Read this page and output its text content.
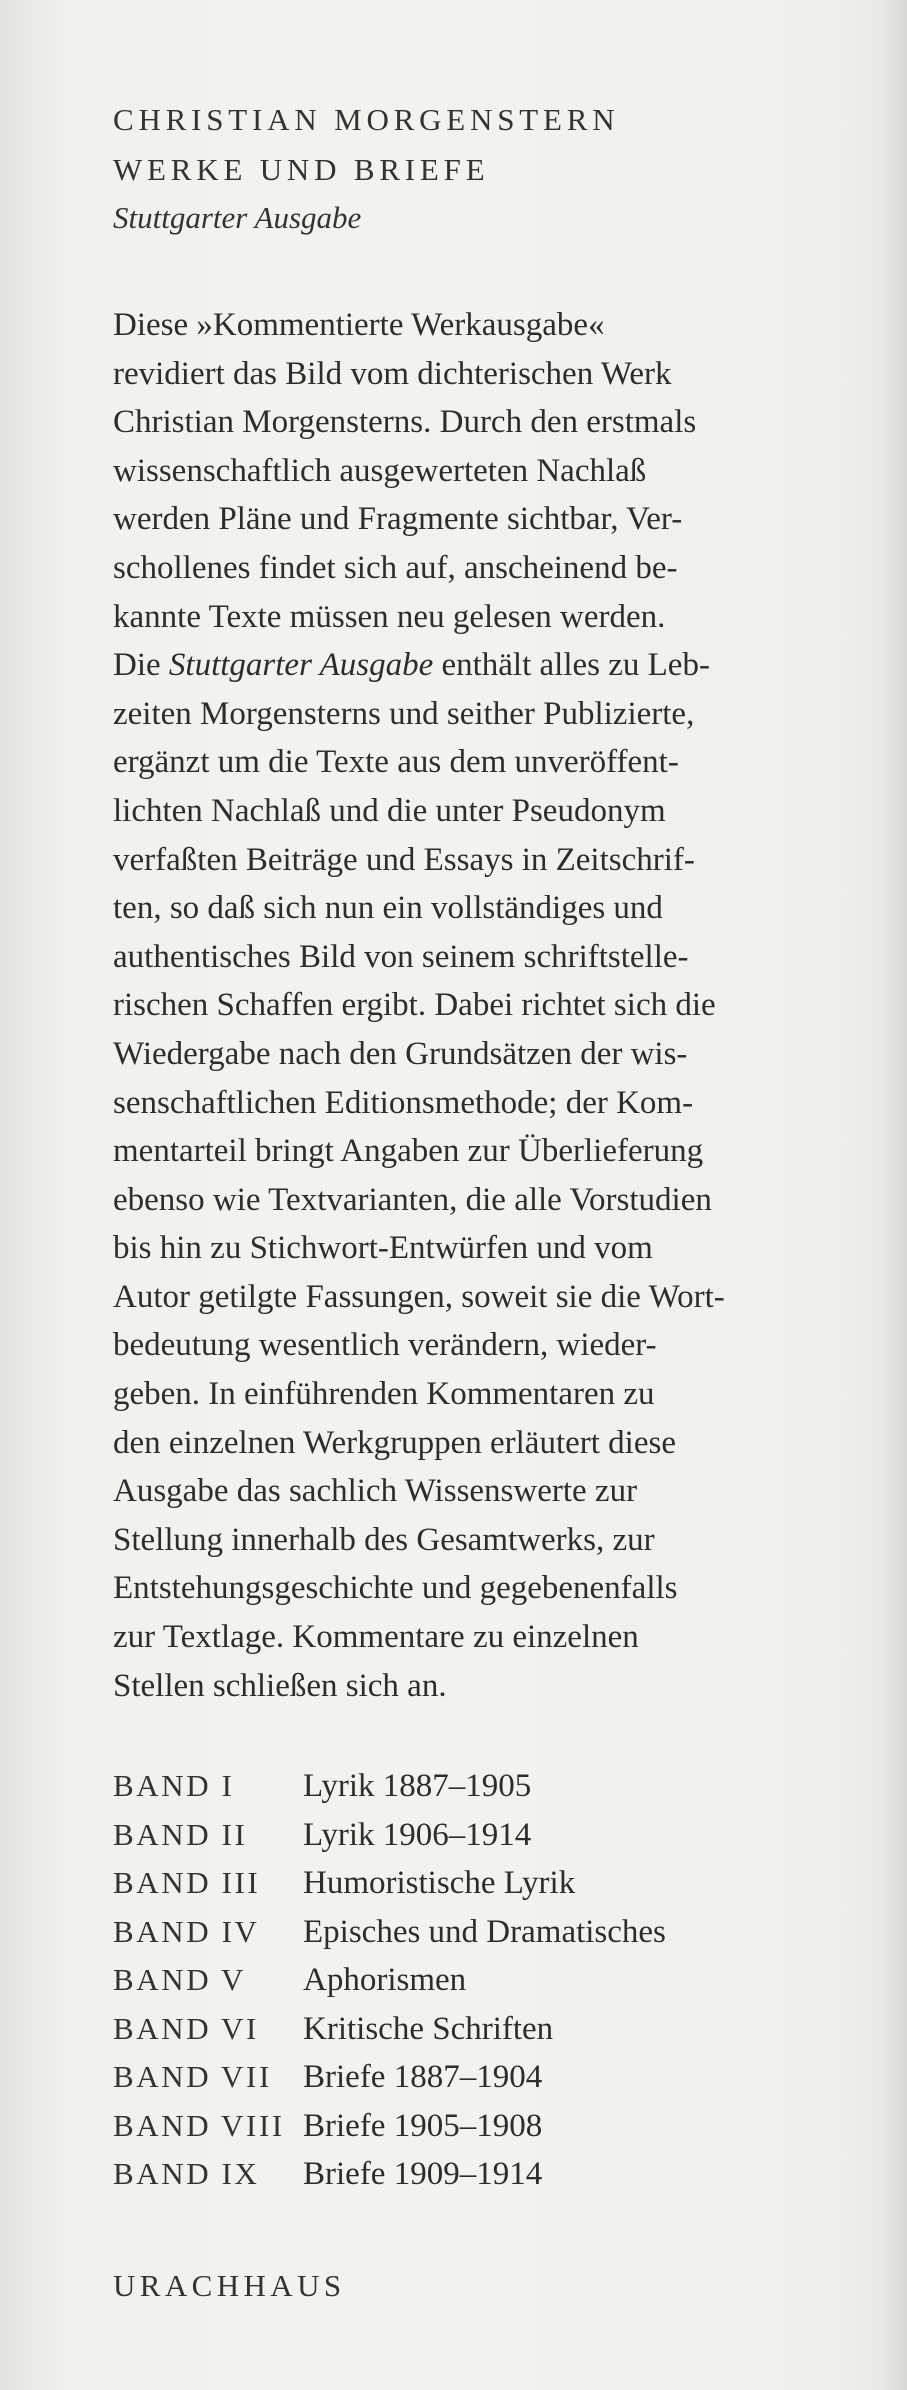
CHRISTIAN MORGENSTERN
WERKE UND BRIEFE
Stuttgarter Ausgabe
Diese »Kommentierte Werkausgabe«
revidiert das Bild vom dichterischen Werk
Christian Morgensterns. Durch den erstmals
wissenschaftlich ausgewerteten Nachlaß
werden Pläne und Fragmente sichtbar, Ver-
schollenes findet sich auf, anscheinend be-
kannte Texte müssen neu gelesen werden.
Die Stuttgarter Ausgabe enthält alles zu Leb-
zeiten Morgensterns und seither Publizierte,
ergänzt um die Texte aus dem unveröffent-
lichten Nachlaß und die unter Pseudonym
verfaßten Beiträge und Essays in Zeitschrif-
ten, so daß sich nun ein vollständiges und
authentisches Bild von seinem schriftstelle-
rischen Schaffen ergibt. Dabei richtet sich die
Wiedergabe nach den Grundsätzen der wis-
senschaftlichen Editionsmethode; der Kom-
mentarteil bringt Angaben zur Überlieferung
ebenso wie Textvarianten, die alle Vorstudien
bis hin zu Stichwort-Entwürfen und vom
Autor getilgte Fassungen, soweit sie die Wort-
bedeutung wesentlich verändern, wieder-
geben. In einführenden Kommentaren zu
den einzelnen Werkgruppen erläutert diese
Ausgabe das sachlich Wissenswerte zur
Stellung innerhalb des Gesamtwerks, zur
Entstehungsgeschichte und gegebenenfalls
zur Textlage. Kommentare zu einzelnen
Stellen schließen sich an.
BAND I	Lyrik 1887–1905
BAND II	Lyrik 1906–1914
BAND III	Humoristische Lyrik
BAND IV	Episches und Dramatisches
BAND V	Aphorismen
BAND VI	Kritische Schriften
BAND VII Briefe 1887–1904
BAND VIII Briefe 1905–1908
BAND IX	Briefe 1909–1914
URACHHAUS
